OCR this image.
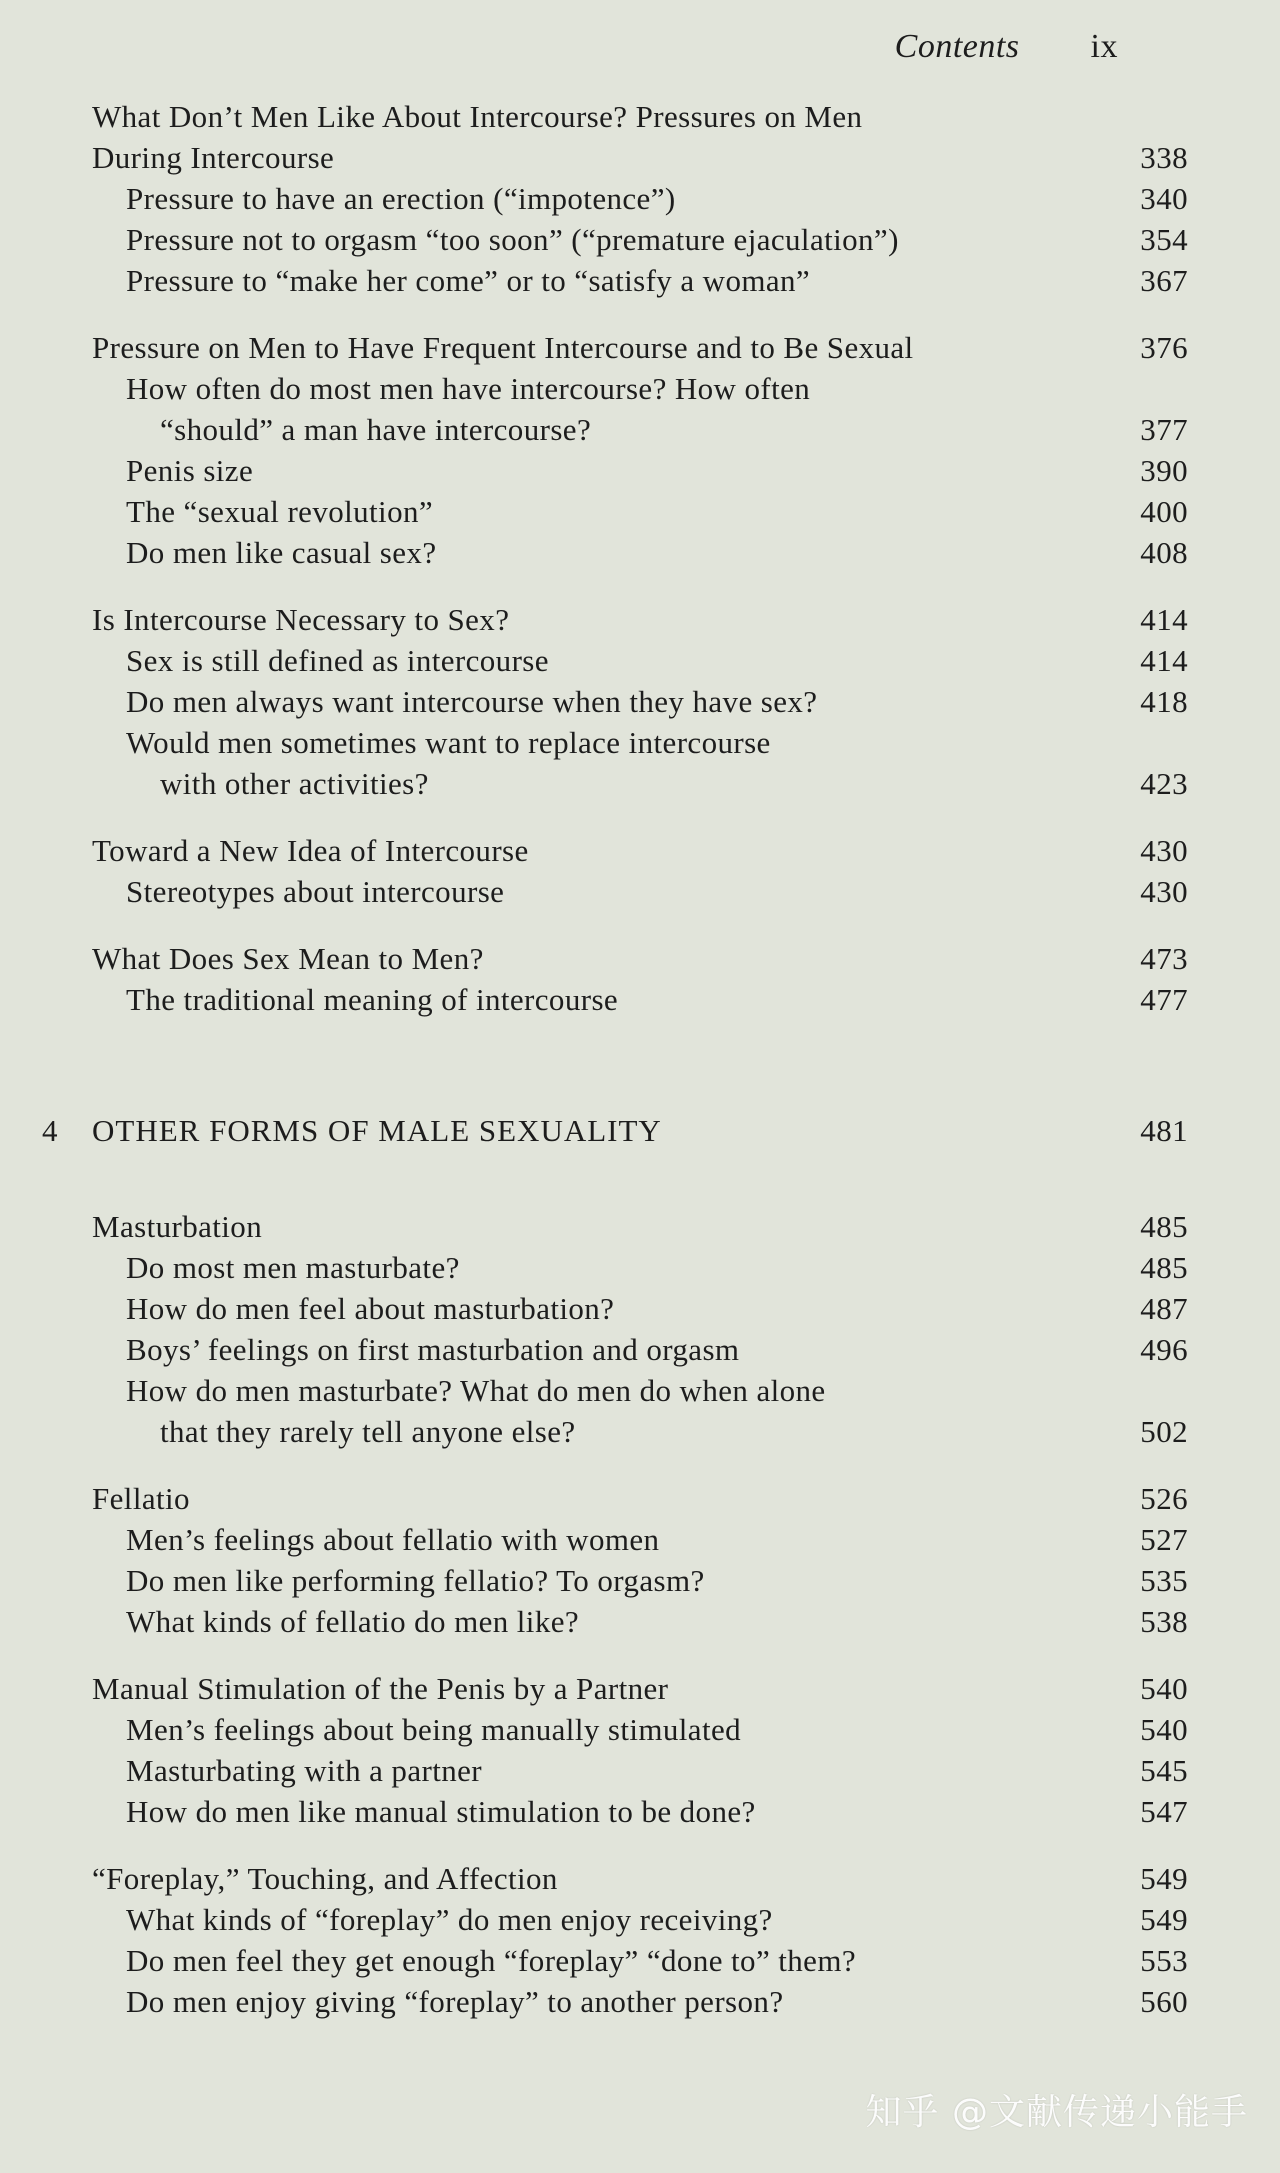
Contents ix
What Don’t Men Like About Intercourse? Pressures on Men
During Intercourse	338
Pressure to have an erection (“impotence”)	340
Pressure not to orgasm “too soon” (“premature ejaculation”)	354
Pressure to “make her come” or to “satisfy a woman”	367
Pressure on Men to Have Frequent Intercourse and to Be Sexual	376
How often do most men have intercourse? How often
“should” a man have intercourse?	377
Penis size	390
The “sexual revolution”	400
Do men like casual sex?	408
Is Intercourse Necessary to Sex?	414
Sex is still defined as intercourse	414
Do men always want intercourse when they have sex?	418
Would men sometimes want to replace intercourse
with other activities?	423
Toward a New Idea of Intercourse	430
Stereotypes about intercourse	430
What Does Sex Mean to Men?	473
The traditional meaning of intercourse	477
4 OTHER FORMS OF MALE SEXUALITY	481
Masturbation	485
Do most men masturbate?	485
How do men feel about masturbation?	487
Boys’ feelings on first masturbation and orgasm	496
How do men masturbate? What do men do when alone
that they rarely tell anyone else?	502
Fellatio	526
Men’s feelings about fellatio with women	527
Do men like performing fellatio? To orgasm?	535
What kinds of fellatio do men like?	538
Manual Stimulation of the Penis by a Partner	540
Men’s feelings about being manually stimulated	540
Masturbating with a partner	545
How do men like manual stimulation to be done?	547
“Foreplay,” Touching, and Affection	549
What kinds of “foreplay” do men enjoy receiving?	549
Do men feel they get enough “foreplay” “done to” them?	553
Do men enjoy giving “foreplay” to another person?	560
知乎 @文献传递小能手
